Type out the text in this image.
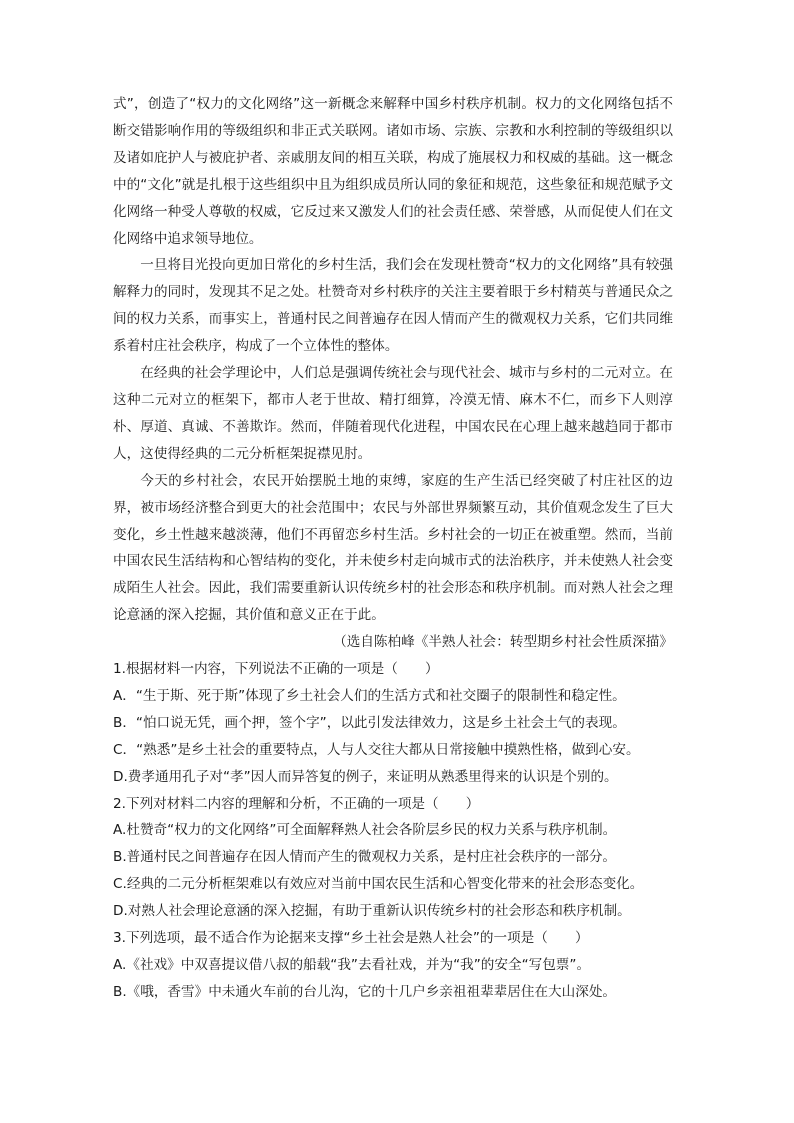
式”，创造了“权力的文化网络”这一新概念来解释中国乡村秩序机制。权力的文化网络包括不断交错影响作用的等级组织和非正式关联网。诸如市场、宗族、宗教和水利控制的等级组织以及诸如庇护人与被庇护者、亲戚朋友间的相互关联，构成了施展权力和权威的基础。这一概念中的“文化”就是扎根于这些组织中且为组织成员所认同的象征和规范，这些象征和规范赋予文化网络一种受人尊敬的权威，它反过来又激发人们的社会责任感、荣誉感，从而促使人们在文化网络中追求领导地位。

一旦将目光投向更加日常化的乡村生活，我们会在发现杜赞奇“权力的文化网络”具有较强解释力的同时，发现其不足之处。杜赞奇对乡村秩序的关注主要着眼于乡村精英与普通民众之间的权力关系，而事实上，普通村民之间普遍存在因人情而产生的微观权力关系，它们共同维系着村庄社会秩序，构成了一个立体性的整体。

在经典的社会学理论中，人们总是强调传统社会与现代社会、城市与乡村的二元对立。在这种二元对立的框架下，都市人老于世故、精打细算，冷漠无情、麻木不仁，而乡下人则淳朴、厚道、真诚、不善欺诈。然而，伴随着现代化进程，中国农民在心理上越来越趋同于都市人，这使得经典的二元分析框架捉襟见肘。

今天的乡村社会，农民开始摆脱土地的束缚，家庭的生产生活已经突破了村庄社区的边界，被市场经济整合到更大的社会范围中；农民与外部世界频繁互动，其价值观念发生了巨大变化，乡土性越来越淡薄，他们不再留恋乡村生活。乡村社会的一切正在被重塑。然而，当前中国农民生活结构和心智结构的变化，并未使乡村走向城市式的法治秩序，并未使熟人社会变成陌生人社会。因此，我们需要重新认识传统乡村的社会形态和秩序机制。而对熟人社会之理论意涵的深入挖掘，其价值和意义正在于此。

（选自陈柏峰《半熟人社会：转型期乡村社会性质深描》

1.根据材料一内容，下列说法不正确的一项是（　　）

A．“生于斯、死于斯”体现了乡土社会人们的生活方式和社交圈子的限制性和稳定性。

B．“怕口说无凭，画个押，签个字”，以此引发法律效力，这是乡土社会土气的表现。

C．“熟悉”是乡土社会的重要特点，人与人交往大都从日常接触中摸熟性格，做到心安。

D.费孝通用孔子对“孝”因人而异答复的例子，来证明从熟悉里得来的认识是个别的。

2.下列对材料二内容的理解和分析，不正确的一项是（　　）

A.杜赞奇“权力的文化网络”可全面解释熟人社会各阶层乡民的权力关系与秩序机制。

B.普通村民之间普遍存在因人情而产生的微观权力关系，是村庄社会秩序的一部分。

C.经典的二元分析框架难以有效应对当前中国农民生活和心智变化带来的社会形态变化。

D.对熟人社会理论意涵的深入挖掘，有助于重新认识传统乡村的社会形态和秩序机制。

3.下列选项，最不适合作为论据来支撑“乡土社会是熟人社会”的一项是（　　）

A.《社戏》中双喜提议借八叔的船载“我”去看社戏，并为“我”的安全“写包票”。

B.《哦，香雪》中未通火车前的台儿沟，它的十几户乡亲祖祖辈辈居住在大山深处。
